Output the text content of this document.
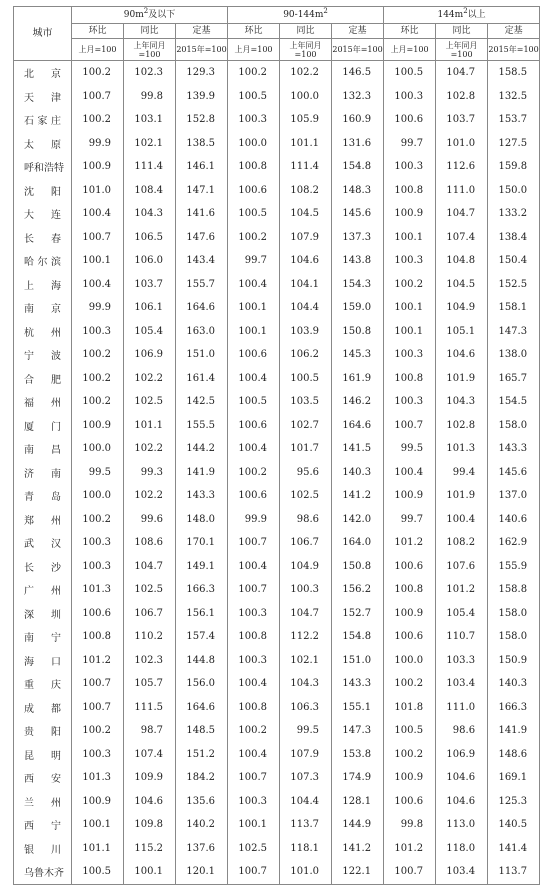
城市	$90m^2$及以下			$90-144m^2$			$144m^2$以上		
	环比	同比	定基	环比	同比	定基	环比	同比	定基
	上月=100	上年同月=100	2015年=100	上月=100	上年同月=100	2015年=100	上月=100	上年同月=100	2015年=100
北京	100.2	102.3	129.3	100.2	102.2	146.5	100.5	104.7	158.5
天津	100.7	99.8	139.9	100.5	100.0	132.3	100.3	102.8	132.5
石家庄	100.2	103.1	152.8	100.3	105.9	160.9	100.6	103.7	153.7
太原	99.9	102.1	138.5	100.0	101.1	131.6	99.7	101.0	127.5
呼和浩特	100.9	111.4	146.1	100.8	111.4	154.8	100.3	112.6	159.8
沈阳	101.0	108.4	147.1	100.6	108.2	148.3	100.8	111.0	150.0
大连	100.4	104.3	141.6	100.5	104.5	145.6	100.9	104.7	133.2
长春	100.7	106.5	147.6	100.2	107.9	137.3	100.1	107.4	138.4
哈尔滨	100.1	106.0	143.4	99.7	104.6	143.8	100.3	104.8	150.4
上海	100.4	103.7	155.7	100.4	104.1	154.3	100.2	104.5	152.5
南京	99.9	106.1	164.6	100.1	104.4	159.0	100.1	104.9	158.1
杭州	100.3	105.4	163.0	100.1	103.9	150.8	100.1	105.1	147.3
宁波	100.2	106.9	151.0	100.6	106.2	145.3	100.3	104.6	138.0
合肥	100.2	102.2	161.4	100.4	100.5	161.9	100.8	101.9	165.7
福州	100.2	102.5	142.5	100.5	103.5	146.2	100.3	104.3	154.5
厦门	100.9	101.1	155.5	100.6	102.7	164.6	100.7	102.8	158.0
南昌	100.0	102.2	144.2	100.4	101.7	141.5	99.5	101.3	143.3
济南	99.5	99.3	141.9	100.2	95.6	140.3	100.4	99.4	145.6
青岛	100.0	102.2	143.3	100.6	102.5	141.2	100.9	101.9	137.0
郑州	100.2	99.6	148.0	99.9	98.6	142.0	99.7	100.4	140.6
武汉	100.3	108.6	170.1	100.7	106.7	164.0	101.2	108.2	162.9
长沙	100.3	104.7	149.1	100.4	104.9	150.8	100.6	107.6	155.9
广州	101.3	102.5	166.3	100.7	100.3	156.2	100.8	101.2	158.8
深圳	100.6	106.7	156.1	100.3	104.7	152.7	100.9	105.4	158.0
南宁	100.8	110.2	157.4	100.8	112.2	154.8	100.6	110.7	158.0
海口	101.2	102.3	144.8	100.3	102.1	151.0	100.0	103.3	150.9
重庆	100.7	105.7	156.0	100.4	104.3	143.3	100.2	103.4	140.3
成都	100.7	111.5	164.6	100.8	106.3	155.1	101.8	111.0	166.3
贵阳	100.2	98.7	148.5	100.2	99.5	147.3	100.5	98.6	141.9
昆明	100.3	107.4	151.2	100.4	107.9	153.8	100.2	106.9	148.6
西安	101.3	109.9	184.2	100.7	107.3	174.9	100.9	104.6	169.1
兰州	100.9	104.6	135.6	100.3	104.4	128.1	100.6	104.6	125.3
西宁	100.1	109.8	140.2	100.1	113.7	144.9	99.8	113.0	140.5
银川	101.1	115.2	137.6	102.5	118.1	141.2	101.2	118.0	141.4
乌鲁木齐	100.5	100.1	120.1	100.7	101.0	122.1	100.7	103.4	113.7
